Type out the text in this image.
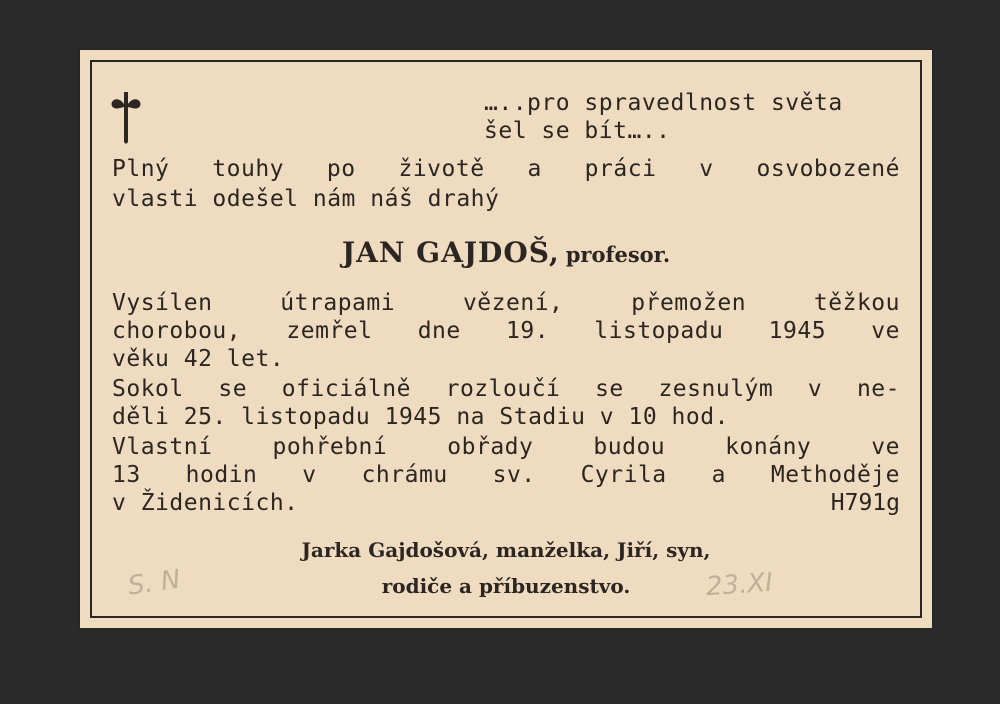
…..pro spravedlnost světa
šel se bít…..
Plný touhy po životě a práci v osvobozené
vlasti odešel nám náš drahý
JAN GAJDOŠ, profesor.
Vysílen útrapami vězení, přemožen těžkou
chorobou, zemřel dne 19. listopadu 1945 ve
věku 42 let.
Sokol se oficiálně rozloučí se zesnulým v ne-
děli 25. listopadu 1945 na Stadiu v 10 hod.
Vlastní pohřební obřady budou konány ve
13 hodin v chrámu sv. Cyrila a Methoděje
v Židenicích.	H791g
Jarka Gajdošová, manželka, Jiří, syn,
rodiče a příbuzenstvo.
S. N	23.XI
